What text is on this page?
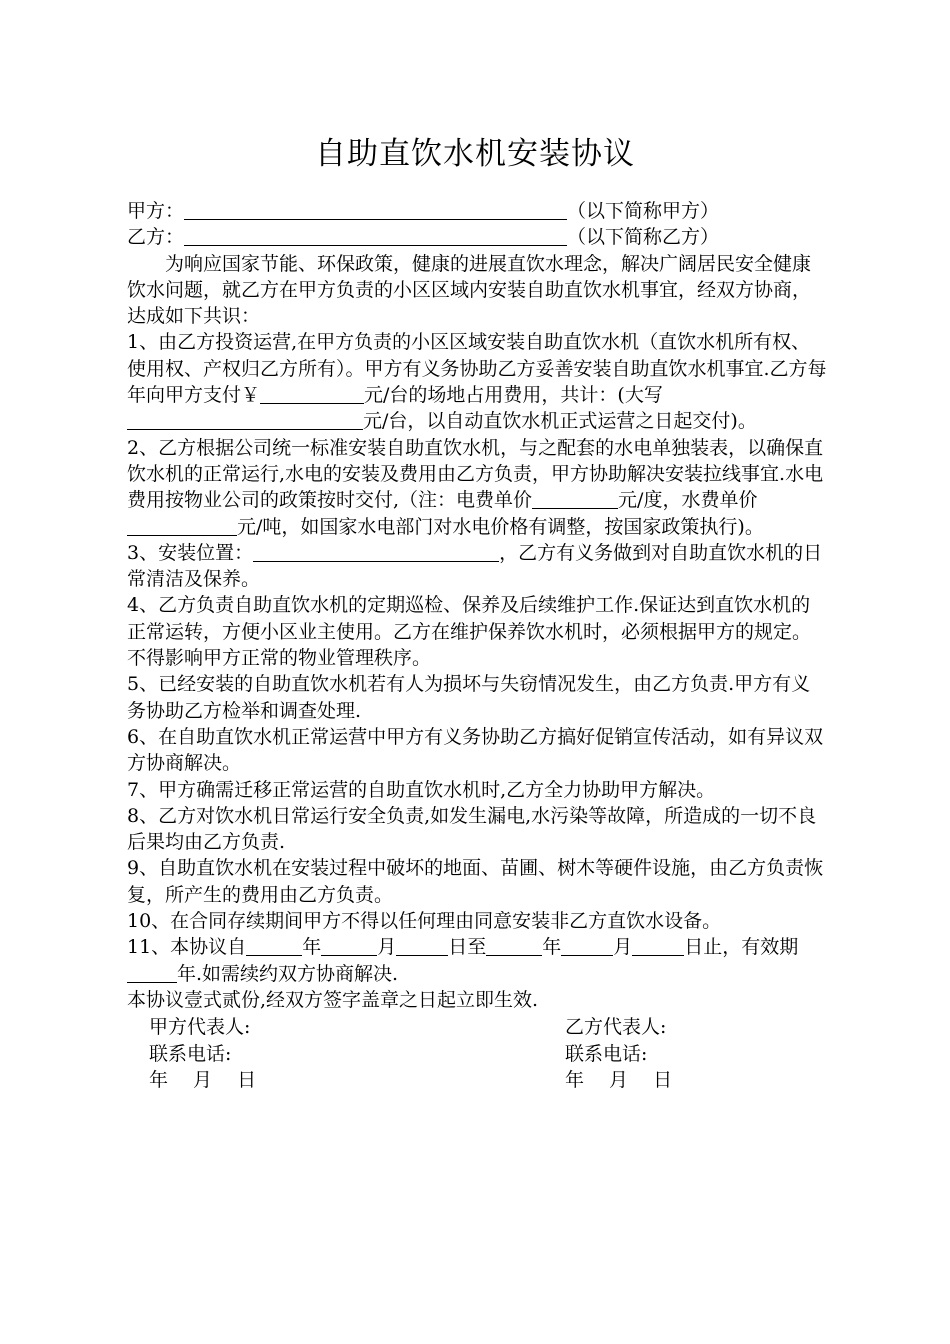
自助直饮水机安装协议
甲方：	（以下简称甲方）
乙方：	（以下简称乙方）

为响应国家节能、环保政策，健康的进展直饮水理念，解决广阔居民安全健康饮水问题，就乙方在甲方负责的小区区域内安装自助直饮水机事宜，经双方协商，达成如下共识：

1、由乙方投资运营,在甲方负责的小区区域安装自助直饮水机（直饮水机所有权、使用权、产权归乙方所有）。甲方有义务协助乙方妥善安装自助直饮水机事宜.乙方每年向甲方支付￥	元/台的场地占用费用，共计：(大写元/台，以自动直饮水机正式运营之日起交付)。

2、乙方根据公司统一标准安装自助直饮水机，与之配套的水电单独装表，以确保直饮水机的正常运行,水电的安装及费用由乙方负责，甲方协助解决安装拉线事宜.水电费用按物业公司的政策按时交付,（注：电费单价	元/度，水费单价元/吨，如国家水电部门对水电价格有调整，按国家政策执行)。

3、安装位置：	，乙方有义务做到对自助直饮水机的日常清洁及保养。

4、乙方负责自助直饮水机的定期巡检、保养及后续维护工作.保证达到直饮水机的正常运转，方便小区业主使用。乙方在维护保养饮水机时，必须根据甲方的规定。不得影响甲方正常的物业管理秩序。

5、已经安装的自助直饮水机若有人为损坏与失窃情况发生，由乙方负责.甲方有义务协助乙方检举和调查处理.

6、在自助直饮水机正常运营中甲方有义务协助乙方搞好促销宣传活动，如有异议双方协商解决。

7、甲方确需迁移正常运营的自助直饮水机时,乙方全力协助甲方解决。

8、乙方对饮水机日常运行安全负责,如发生漏电,水污染等故障，所造成的一切不良后果均由乙方负责.

9、自助直饮水机在安装过程中破坏的地面、苗圃、树木等硬件设施，由乙方负责恢复，所产生的费用由乙方负责。

10、在合同存续期间甲方不得以任何理由同意安装非乙方直饮水设备。

11、本协议自	年	月	日至	年	月	日止，有效期年.如需续约双方协商解决.

本协议壹式贰份,经双方签字盖章之日起立即生效.

甲方代表人:	乙方代表人:
联系电话:	联系电话:
年　 月　 日	年　 月　 日
